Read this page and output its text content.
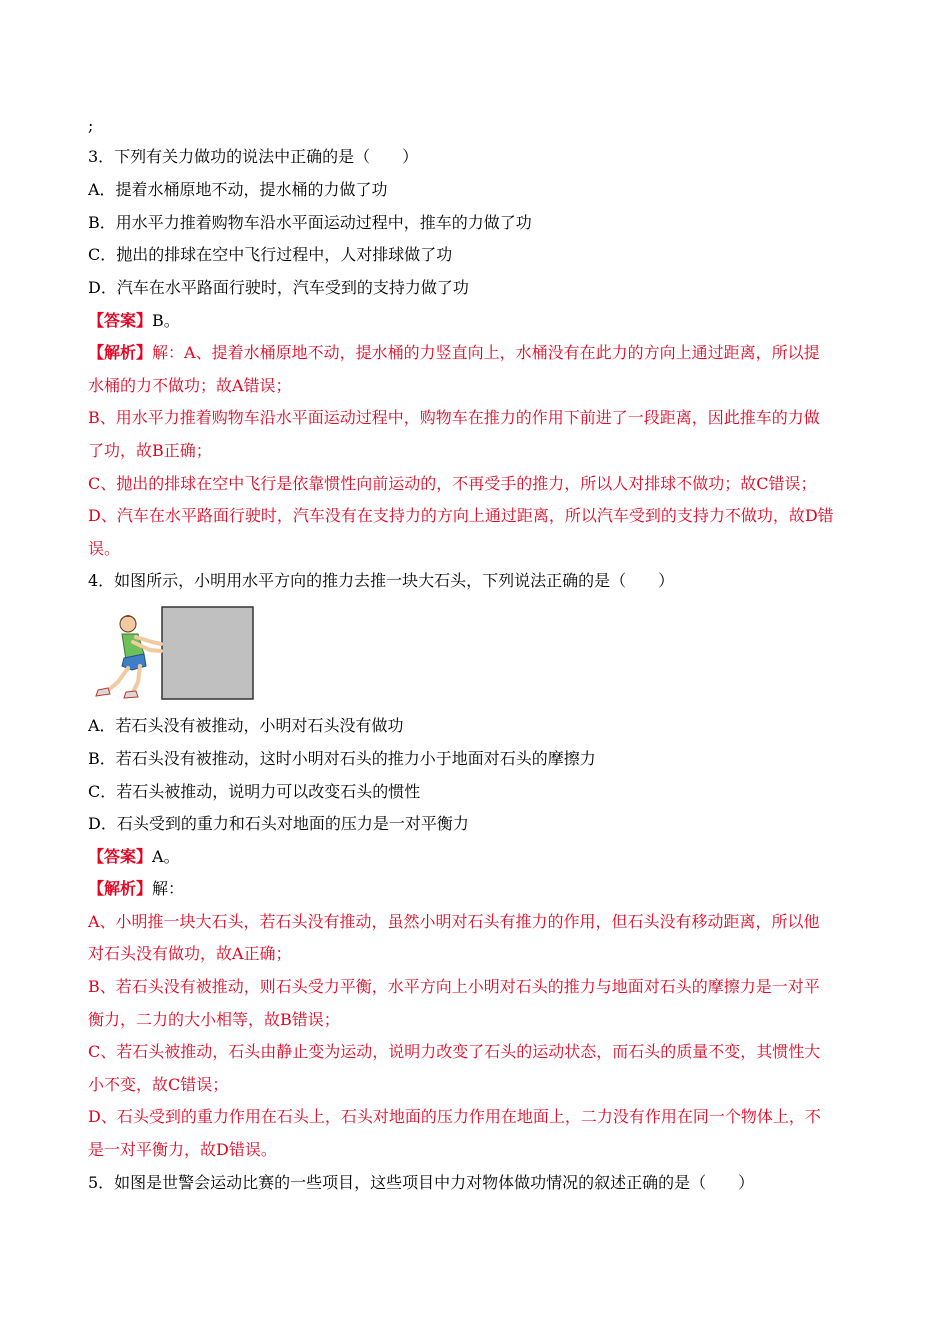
;
3．下列有关力做功的说法中正确的是（　　）
A．提着水桶原地不动，提水桶的力做了功
B．用水平力推着购物车沿水平面运动过程中，推车的力做了功
C．抛出的排球在空中飞行过程中，人对排球做了功
D．汽车在水平路面行驶时，汽车受到的支持力做了功
【答案】B。
【解析】解：A、提着水桶原地不动，提水桶的力竖直向上，水桶没有在此力的方向上通过距离，所以提
水桶的力不做功；故A错误；
B、用水平力推着购物车沿水平面运动过程中，购物车在推力的作用下前进了一段距离，因此推车的力做
了功，故B正确；
C、抛出的排球在空中飞行是依靠惯性向前运动的，不再受手的推力，所以人对排球不做功；故C错误；
D、汽车在水平路面行驶时，汽车没有在支持力的方向上通过距离，所以汽车受到的支持力不做功，故D错
误。
4．如图所示，小明用水平方向的推力去推一块大石头，下列说法正确的是（　　）
A．若石头没有被推动，小明对石头没有做功
B．若石头没有被推动，这时小明对石头的推力小于地面对石头的摩擦力
C．若石头被推动，说明力可以改变石头的惯性
D．石头受到的重力和石头对地面的压力是一对平衡力
【答案】A。
【解析】解：
A、小明推一块大石头，若石头没有推动，虽然小明对石头有推力的作用，但石头没有移动距离，所以他
对石头没有做功，故A正确；
B、若石头没有被推动，则石头受力平衡，水平方向上小明对石头的推力与地面对石头的摩擦力是一对平
衡力，二力的大小相等，故B错误；
C、若石头被推动，石头由静止变为运动，说明力改变了石头的运动状态，而石头的质量不变，其惯性大
小不变，故C错误；
D、石头受到的重力作用在石头上，石头对地面的压力作用在地面上，二力没有作用在同一个物体上，不
是一对平衡力，故D错误。
5．如图是世警会运动比赛的一些项目，这些项目中力对物体做功情况的叙述正确的是（　　）
